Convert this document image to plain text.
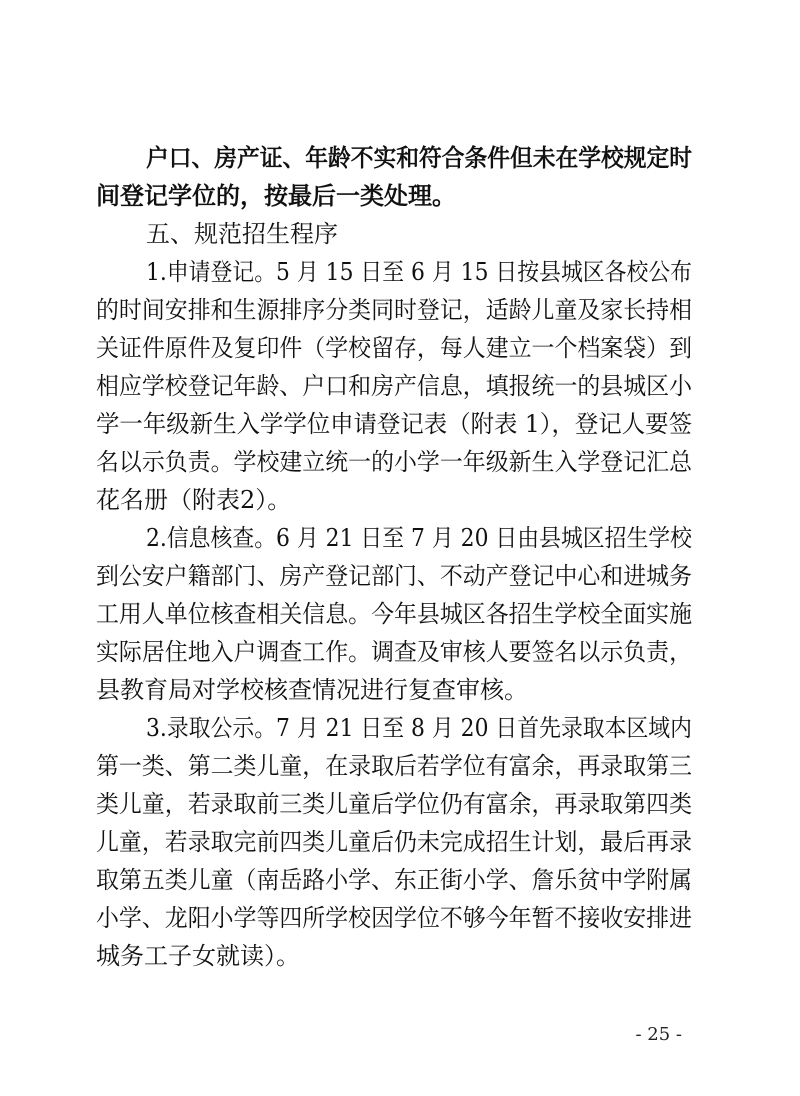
户口、房产证、年龄不实和符合条件但未在学校规定时
间登记学位的，按最后一类处理。
五、规范招生程序
1.申请登记。5 月 15 日至 6 月 15 日按县城区各校公布
的时间安排和生源排序分类同时登记，适龄儿童及家长持相
关证件原件及复印件（学校留存，每人建立一个档案袋）到
相应学校登记年龄、户口和房产信息，填报统一的县城区小
学一年级新生入学学位申请登记表（附表 1），登记人要签
名以示负责。学校建立统一的小学一年级新生入学登记汇总
花名册（附表2）。
2.信息核查。6 月 21 日至 7 月 20 日由县城区招生学校
到公安户籍部门、房产登记部门、不动产登记中心和进城务
工用人单位核查相关信息。今年县城区各招生学校全面实施
实际居住地入户调查工作。调查及审核人要签名以示负责，
县教育局对学校核查情况进行复查审核。
3.录取公示。7 月 21 日至 8 月 20 日首先录取本区域内
第一类、第二类儿童，在录取后若学位有富余，再录取第三
类儿童，若录取前三类儿童后学位仍有富余，再录取第四类
儿童，若录取完前四类儿童后仍未完成招生计划，最后再录
取第五类儿童（南岳路小学、东正街小学、詹乐贫中学附属
小学、龙阳小学等四所学校因学位不够今年暂不接收安排进
城务工子女就读）。
- 25 -
